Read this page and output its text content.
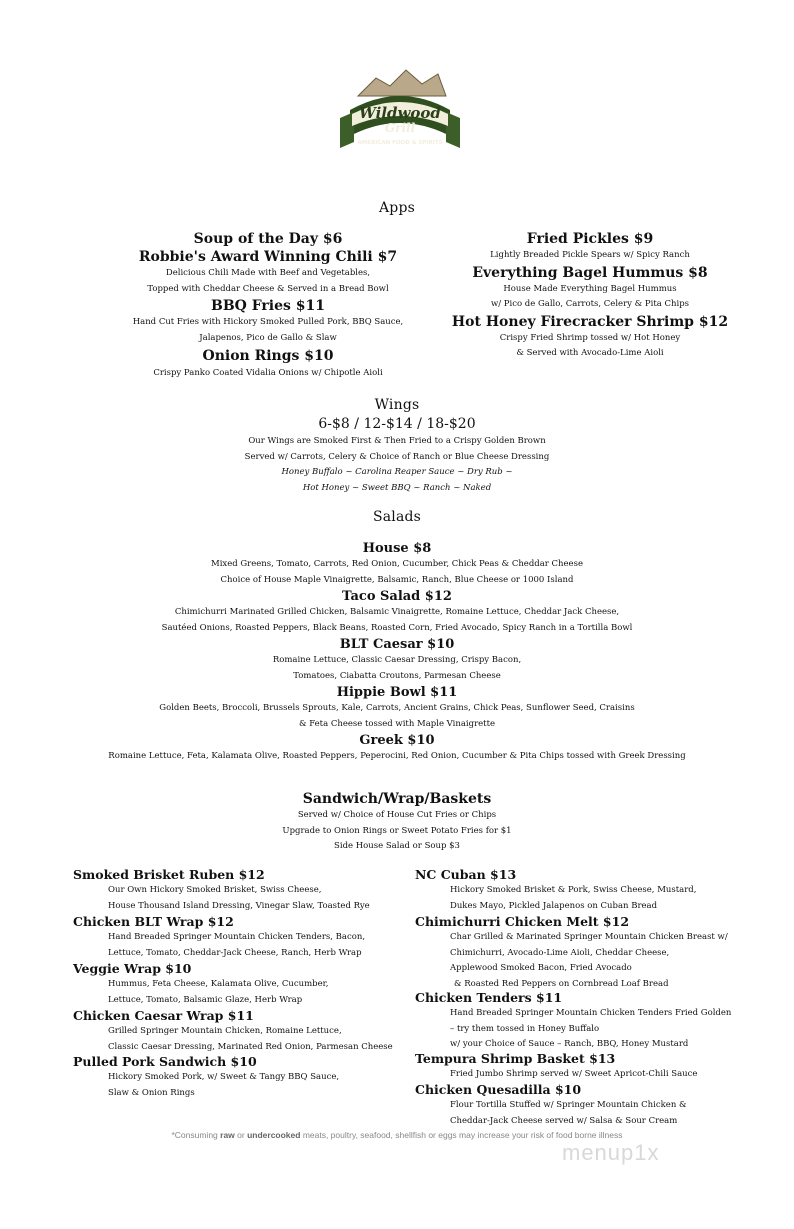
Wildwood
Grill
AMERICAN FOOD & SPIRITS
Apps
Soup of the Day $6
Robbie's Award Winning Chili $7
Delicious Chili Made with Beef and Vegetables,
Topped with Cheddar Cheese & Served in a Bread Bowl
BBQ Fries $11
Hand Cut Fries with Hickory Smoked Pulled Pork, BBQ Sauce,
Jalapenos, Pico de Gallo & Slaw
Onion Rings $10
Crispy Panko Coated Vidalia Onions w/ Chipotle Aioli
Fried Pickles $9
Lightly Breaded Pickle Spears w/ Spicy Ranch
Everything Bagel Hummus $8
House Made Everything Bagel Hummus
w/ Pico de Gallo, Carrots, Celery & Pita Chips
Hot Honey Firecracker Shrimp $12
Crispy Fried Shrimp tossed w/ Hot Honey
& Served with Avocado-Lime Aioli
Wings
6-$8 / 12-$14 / 18-$20
Our Wings are Smoked First & Then Fried to a Crispy Golden Brown
Served w/ Carrots, Celery & Choice of Ranch or Blue Cheese Dressing
Honey Buffalo ~ Carolina Reaper Sauce ~ Dry Rub ~
Hot Honey ~ Sweet BBQ ~ Ranch ~ Naked
Salads
House $8
Mixed Greens, Tomato, Carrots, Red Onion, Cucumber, Chick Peas & Cheddar Cheese
Choice of House Maple Vinaigrette, Balsamic, Ranch, Blue Cheese or 1000 Island
Taco Salad $12
Chimichurri Marinated Grilled Chicken, Balsamic Vinaigrette, Romaine Lettuce, Cheddar Jack Cheese,
Sautéed Onions, Roasted Peppers, Black Beans, Roasted Corn, Fried Avocado, Spicy Ranch in a Tortilla Bowl
BLT Caesar $10
Romaine Lettuce, Classic Caesar Dressing, Crispy Bacon,
Tomatoes, Ciabatta Croutons, Parmesan Cheese
Hippie Bowl $11
Golden Beets, Broccoli, Brussels Sprouts, Kale, Carrots, Ancient Grains, Chick Peas, Sunflower Seed, Craisins
& Feta Cheese tossed with Maple Vinaigrette
Greek $10
Romaine Lettuce, Feta, Kalamata Olive, Roasted Peppers, Peperocini, Red Onion, Cucumber & Pita Chips tossed with Greek Dressing
Sandwich/Wrap/Baskets
Served w/ Choice of House Cut Fries or Chips
Upgrade to Onion Rings or Sweet Potato Fries for $1
Side House Salad or Soup $3
Smoked Brisket Ruben $12
Our Own Hickory Smoked Brisket, Swiss Cheese,
House Thousand Island Dressing, Vinegar Slaw, Toasted Rye
Chicken BLT Wrap $12
Hand Breaded Springer Mountain Chicken Tenders, Bacon,
Lettuce, Tomato, Cheddar-Jack Cheese, Ranch, Herb Wrap
Veggie Wrap $10
Hummus, Feta Cheese, Kalamata Olive, Cucumber,
Lettuce, Tomato, Balsamic Glaze, Herb Wrap
Chicken Caesar Wrap $11
Grilled Springer Mountain Chicken, Romaine Lettuce,
Classic Caesar Dressing, Marinated Red Onion, Parmesan Cheese
Pulled Pork Sandwich $10
Hickory Smoked Pork, w/ Sweet & Tangy BBQ Sauce,
Slaw & Onion Rings
NC Cuban $13
Hickory Smoked Brisket & Pork, Swiss Cheese, Mustard,
Dukes Mayo, Pickled Jalapenos on Cuban Bread
Chimichurri Chicken Melt $12
Char Grilled & Marinated Springer Mountain Chicken Breast w/
Chimichurri, Avocado-Lime Aioli, Cheddar Cheese,
Applewood Smoked Bacon, Fried Avocado
& Roasted Red Peppers on Cornbread Loaf Bread
Chicken Tenders $11
Hand Breaded Springer Mountain Chicken Tenders Fried Golden
– try them tossed in Honey Buffalo
w/ your Choice of Sauce – Ranch, BBQ, Honey Mustard
Tempura Shrimp Basket $13
Fried Jumbo Shrimp served w/ Sweet Apricot-Chili Sauce
Chicken Quesadilla $10
Flour Tortilla Stuffed w/ Springer Mountain Chicken &
Cheddar-Jack Cheese served w/ Salsa & Sour Cream
*Consuming raw or undercooked meats, poultry, seafood, shellfish or eggs may increase your risk of food borne illness
menup1x
